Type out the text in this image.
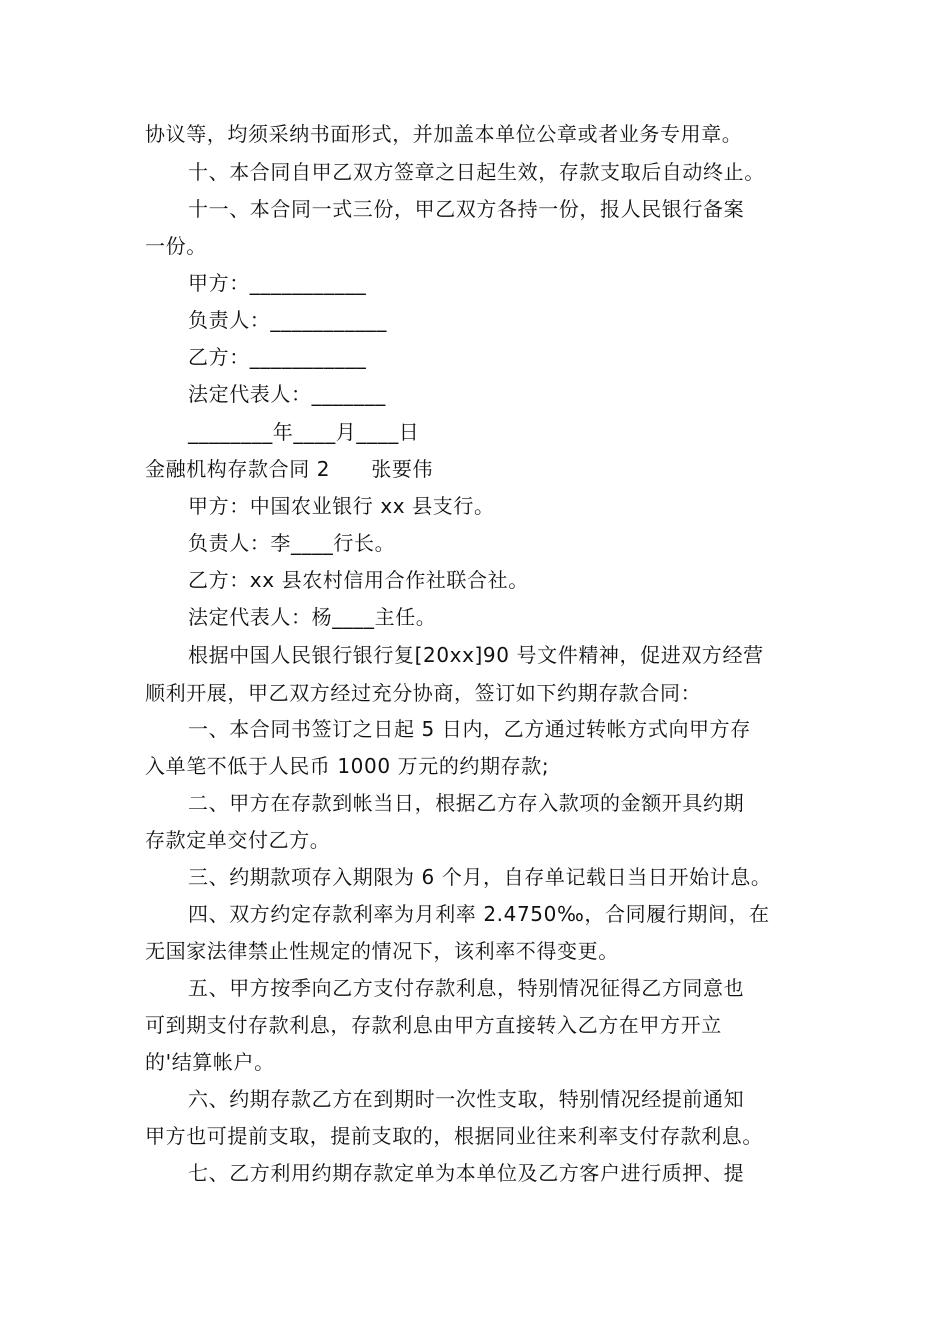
协议等，均须采纳书面形式，并加盖本单位公章或者业务专用章。
十、本合同自甲乙双方签章之日起生效，存款支取后自动终止。
十一、本合同一式三份，甲乙双方各持一份，报人民银行备案
一份。
甲方：___________
负责人：___________
乙方：___________
法定代表人：_______
________年____月____日
金融机构存款合同 2　　张要伟
甲方：中国农业银行 xx 县支行。
负责人：李____行长。
乙方：xx 县农村信用合作社联合社。
法定代表人：杨____主任。
根据中国人民银行银行复[20xx]90 号文件精神，促进双方经营
顺利开展，甲乙双方经过充分协商，签订如下约期存款合同：
一、本合同书签订之日起 5 日内，乙方通过转帐方式向甲方存
入单笔不低于人民币 1000 万元的约期存款;
二、甲方在存款到帐当日，根据乙方存入款项的金额开具约期
存款定单交付乙方。
三、约期款项存入期限为 6 个月，自存单记载日当日开始计息。
四、双方约定存款利率为月利率 2.4750‰，合同履行期间，在
无国家法律禁止性规定的情况下，该利率不得变更。
五、甲方按季向乙方支付存款利息，特别情况征得乙方同意也
可到期支付存款利息，存款利息由甲方直接转入乙方在甲方开立
的'结算帐户。
六、约期存款乙方在到期时一次性支取，特别情况经提前通知
甲方也可提前支取，提前支取的，根据同业往来利率支付存款利息。
七、乙方利用约期存款定单为本单位及乙方客户进行质押、提
